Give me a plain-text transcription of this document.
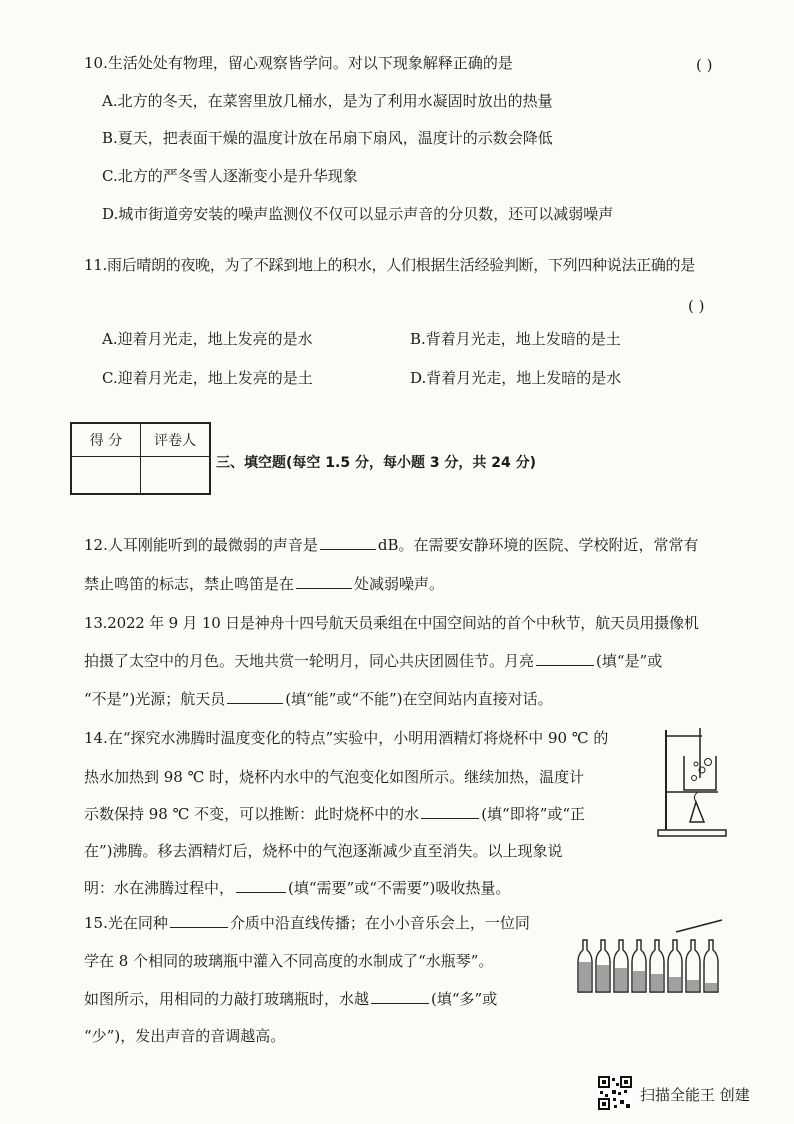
10.生活处处有物理，留心观察皆学问。对以下现象解释正确的是	( )
A.北方的冬天，在菜窖里放几桶水，是为了利用水凝固时放出的热量
B.夏天，把表面干燥的温度计放在吊扇下扇风，温度计的示数会降低
C.北方的严冬雪人逐渐变小是升华现象
D.城市街道旁安装的噪声监测仪不仅可以显示声音的分贝数，还可以减弱噪声
11.雨后晴朗的夜晚，为了不踩到地上的积水，人们根据生活经验判断，下列四种说法正确的是
( )
A.迎着月光走，地上发亮的是水	B.背着月光走，地上发暗的是土
C.迎着月光走，地上发亮的是土	D.背着月光走，地上发暗的是水
得 分	评卷人

三、填空题(每空 1.5 分，每小题 3 分，共 24 分)
12.人耳刚能听到的最微弱的声音是	dB。在需要安静环境的医院、学校附近，常常有
禁止鸣笛的标志，禁止鸣笛是在	处减弱噪声。
13.2022 年 9 月 10 日是神舟十四号航天员乘组在中国空间站的首个中秋节，航天员用摄像机
拍摄了太空中的月色。天地共赏一轮明月，同心共庆团圆佳节。月亮	(填“是”或
“不是”)光源；航天员	(填“能”或“不能”)在空间站内直接对话。
14.在“探究水沸腾时温度变化的特点”实验中，小明用酒精灯将烧杯中 90 ℃ 的
热水加热到 98 ℃ 时，烧杯内水中的气泡变化如图所示。继续加热，温度计
示数保持 98 ℃ 不变，可以推断：此时烧杯中的水	(填“即将”或“正
在”)沸腾。移去酒精灯后，烧杯中的气泡逐渐减少直至消失。以上现象说
明：水在沸腾过程中，	(填“需要”或“不需要”)吸收热量。
15.光在同种	介质中沿直线传播；在小小音乐会上，一位同
学在 8 个相同的玻璃瓶中灌入不同高度的水制成了“水瓶琴”。
如图所示，用相同的力敲打玻璃瓶时，水越	(填“多”或
“少”)，发出声音的音调越高。
扫描全能王 创建
